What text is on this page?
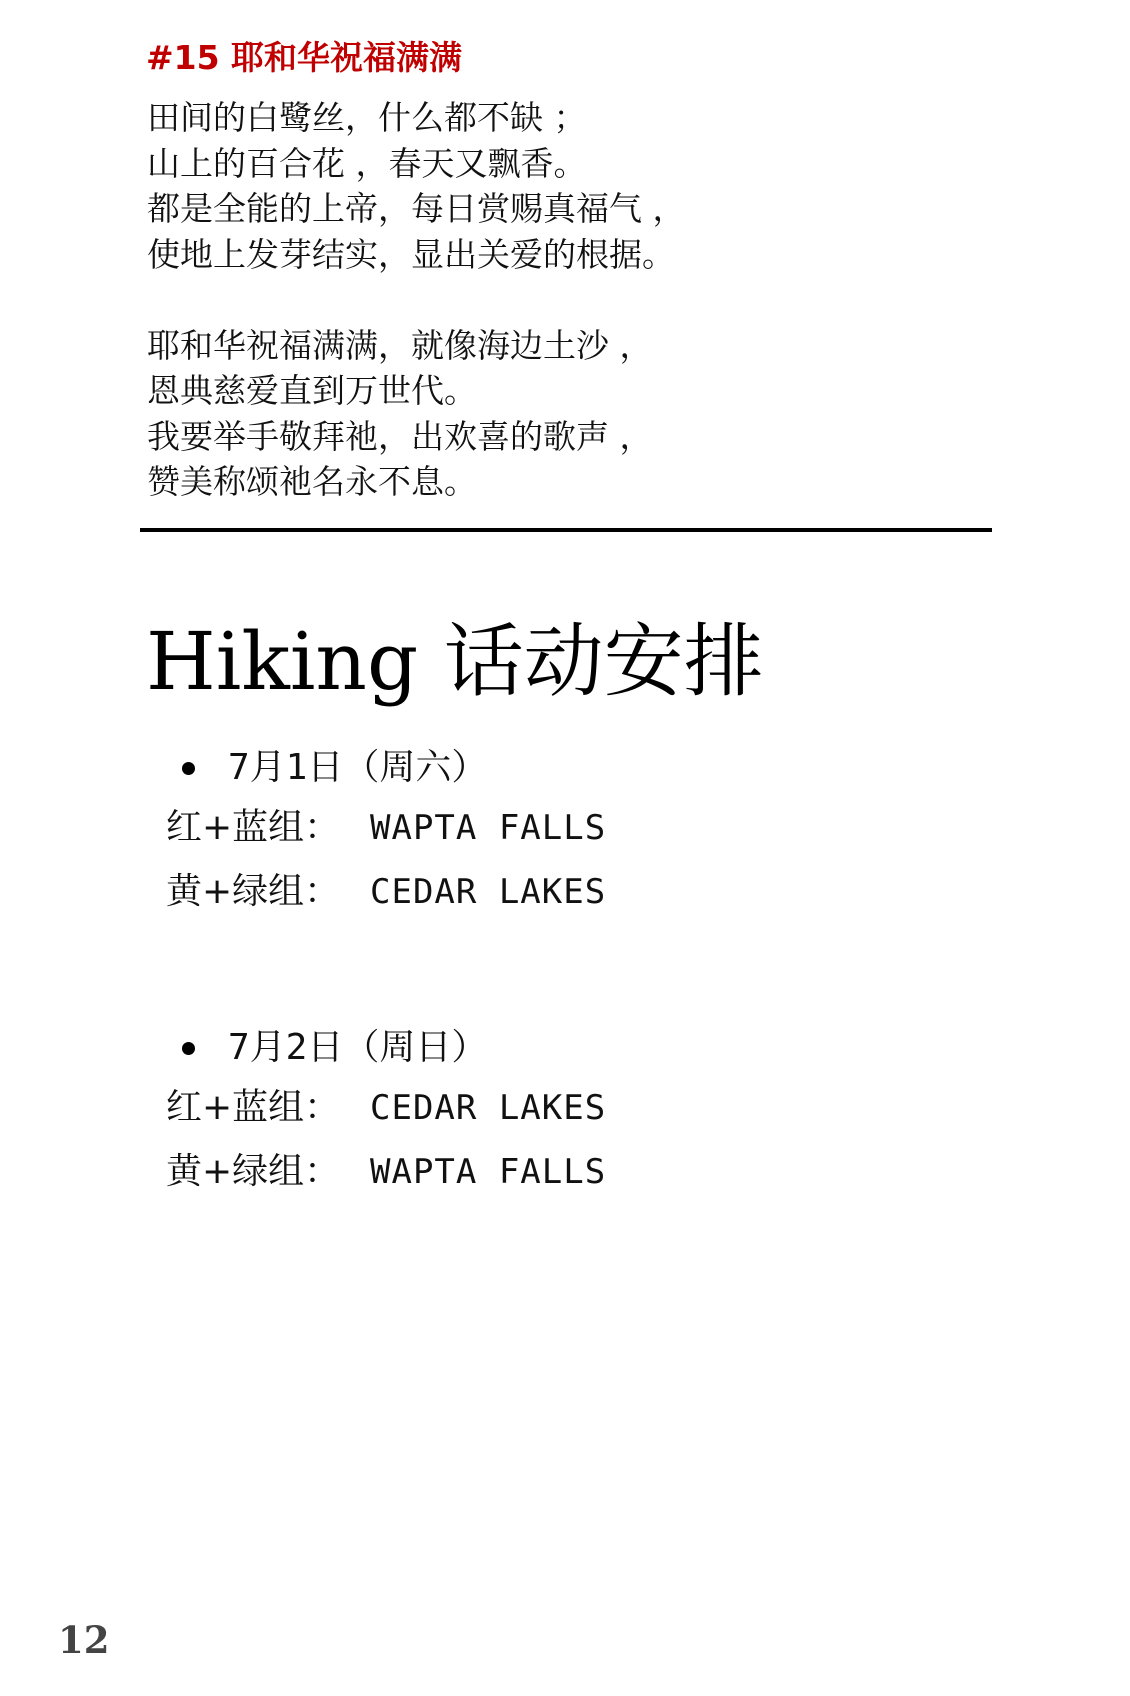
#15 耶和华祝福满满
田间的白鹭丝，什么都不缺 ；
山上的百合花 ，春天又飘香。
都是全能的上帝，每日赏赐真福气 ，
使地上发芽结实，显出关爱的根据。
耶和华祝福满满，就像海边土沙 ，
恩典慈爱直到万世代。
我要举手敬拜祂，出欢喜的歌声 ，
赞美称颂祂名永不息。
Hiking 话动安排
7月1日（周六）
红+蓝组： WAPTA FALLS
黄+绿组： CEDAR LAKES
7月2日（周日）
红+蓝组： CEDAR LAKES
黄+绿组： WAPTA FALLS
12
